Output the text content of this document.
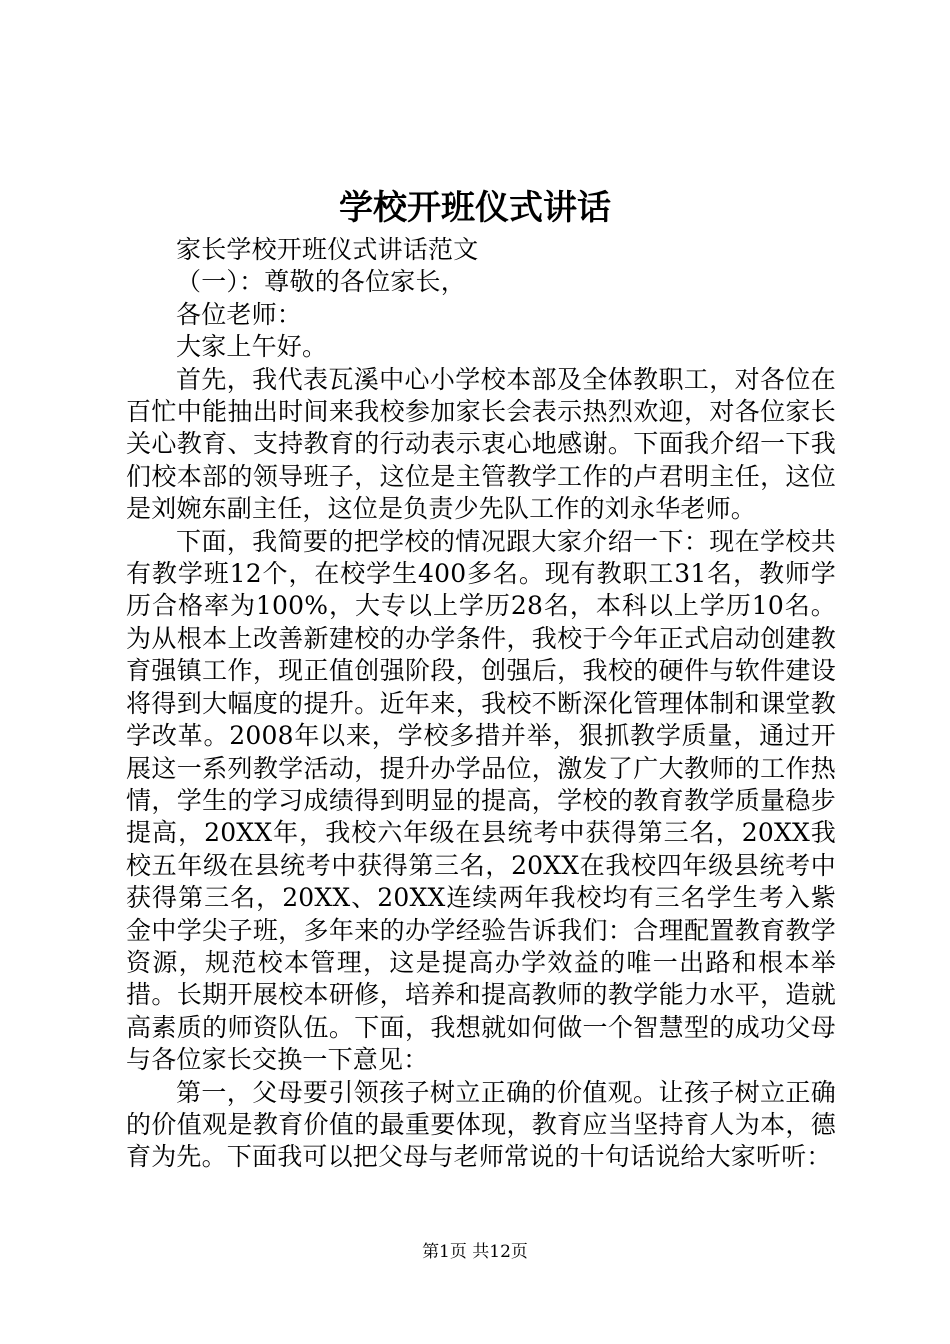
学校开班仪式讲话

家长学校开班仪式讲话范文

（一）：尊敬的各位家长，

各位老师：

大家上午好。

首先，我代表瓦溪中心小学校本部及全体教职工，对各位在百忙中能抽出时间来我校参加家长会表示热烈欢迎，对各位家长关心教育、支持教育的行动表示衷心地感谢。下面我介绍一下我们校本部的领导班子，这位是主管教学工作的卢君明主任，这位是刘婉东副主任，这位是负责少先队工作的刘永华老师。

下面，我简要的把学校的情况跟大家介绍一下：现在学校共有教学班12个，在校学生400多名。现有教职工31名，教师学历合格率为100%，大专以上学历28名，本科以上学历10名。为从根本上改善新建校的办学条件，我校于今年正式启动创建教育强镇工作，现正值创强阶段，创强后，我校的硬件与软件建设将得到大幅度的提升。近年来，我校不断深化管理体制和课堂教学改革。2008年以来，学校多措并举，狠抓教学质量，通过开展这一系列教学活动，提升办学品位，激发了广大教师的工作热情，学生的学习成绩得到明显的提高，学校的教育教学质量稳步提高，20XX年，我校六年级在县统考中获得第三名，20XX我校五年级在县统考中获得第三名，20XX在我校四年级县统考中获得第三名，20XX、20XX连续两年我校均有三名学生考入紫金中学尖子班，多年来的办学经验告诉我们：合理配置教育教学资源，规范校本管理，这是提高办学效益的唯一出路和根本举措。长期开展校本研修，培养和提高教师的教学能力水平，造就高素质的师资队伍。下面，我想就如何做一个智慧型的成功父母与各位家长交换一下意见：

第一，父母要引领孩子树立正确的价值观。让孩子树立正确的价值观是教育价值的最重要体现，教育应当坚持育人为本，德育为先。下面我可以把父母与老师常说的十句话说给大家听听：

第1页 共12页
